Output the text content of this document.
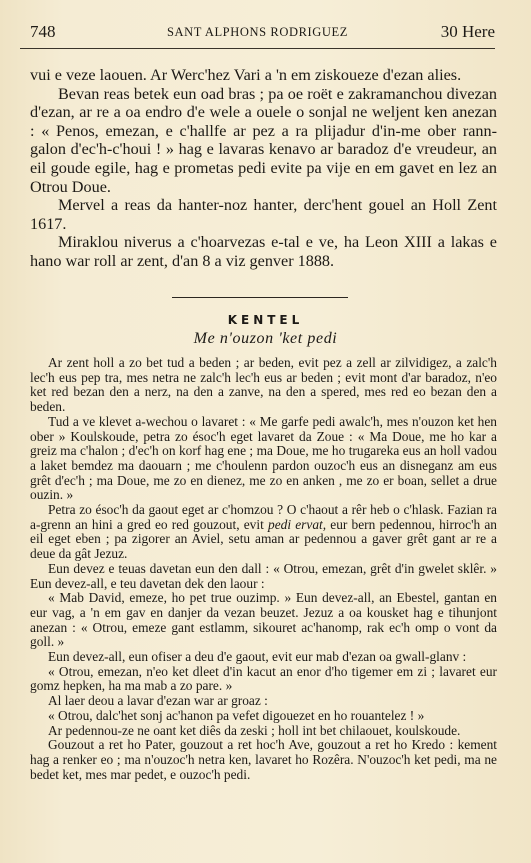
748	SANT ALPHONS RODRIGUEZ	30 Here

vui e veze laouen. Ar Werc'hez Vari a 'n em ziskoueze d'ezan alies.

Bevan reas betek eun oad bras ; pa oe roët e zakramanchou divezan d'ezan, ar re a oa endro d'e wele a ouele o sonjal ne weljent ken anezan : « Penos, emezan, e c'hallfe ar pez a ra plijadur d'in-me ober rann-galon d'ec'h-c'houi ! » hag e lavaras kenavo ar baradoz d'e vreudeur, an eil goude egile, hag e prometas pedi evite pa vije en em gavet en lez an Otrou Doue.

Mervel a reas da hanter-noz hanter, derc'hent gouel an Holl Zent 1617.

Miraklou niverus a c'hoarvezas e-tal e ve, ha Leon XIII a lakas e hano war roll ar zent, d'an 8 a viz genver 1888.

KENTEL
Me n'ouzon 'ket pedi

Ar zent holl a zo bet tud a beden ; ar beden, evit pez a zell ar zilvidigez, a zalc'h lec'h eus pep tra, mes netra ne zalc'h lec'h eus ar beden ; evit mont d'ar baradoz, n'eo ket red bezan den a nerz, na den a zanve, na den a spered, mes red eo bezan den a beden.

Tud a ve klevet a-wechou o lavaret : « Me garfe pedi awalc'h, mes n'ouzon ket hen ober » Koulskoude, petra zo ésoc'h eget lavaret da Zoue : « Ma Doue, me ho kar a greiz ma c'halon ; d'ec'h on korf hag ene ; ma Doue, me ho trugareka eus an holl vadou a laket bemdez ma daouarn ; me c'houlenn pardon ouzoc'h eus an disneganz am eus grêt d'ec'h ; ma Doue, me zo en dienez, me zo en anken , me zo er boan, sellet a drue ouzin. »

Petra zo ésoc'h da gaout eget ar c'homzou ? O c'haout a rêr heb o c'hlask. Fazian ra a-grenn an hini a gred eo red gouzout, evit pedi ervat, eur bern pedennou, hirroc'h an eil eget eben ; pa zigorer an Aviel, setu aman ar pedennou a gaver grêt gant ar re a deue da gât Jezuz.

Eun devez e teuas davetan eun den dall : « Otrou, emezan, grêt d'in gwelet sklêr. » Eun devez-all, e teu davetan dek den laour :

« Mab David, emeze, ho pet true ouzimp. » Eun devez-all, an Ebestel, gantan en eur vag, a 'n em gav en danjer da vezan beuzet. Jezuz a oa kousket hag e tihunjont anezan : « Otrou, emeze gant estlamm, sikouret ac'hanomp, rak ec'h omp o vont da goll. »

Eun devez-all, eun ofiser a deu d'e gaout, evit eur mab d'ezan oa gwall-glanv :

« Otrou, emezan, n'eo ket dleet d'in kacut an enor d'ho tigemer em zi ; lavaret eur gomz hepken, ha ma mab a zo pare. »

Al laer deou a lavar d'ezan war ar groaz :

« Otrou, dalc'het sonj ac'hanon pa vefet digouezet en ho rouantelez ! »

Ar pedennou-ze ne oant ket diês da zeski ; holl int bet chilaouet, koulskoude.

Gouzout a ret ho Pater, gouzout a ret hoc'h Ave, gouzout a ret ho Kredo : kement hag a renker eo ; ma n'ouzoc'h netra ken, lavaret ho Rozêra. N'ouzoc'h ket pedi, ma ne bedet ket, mes mar pedet, e ouzoc'h pedi.
